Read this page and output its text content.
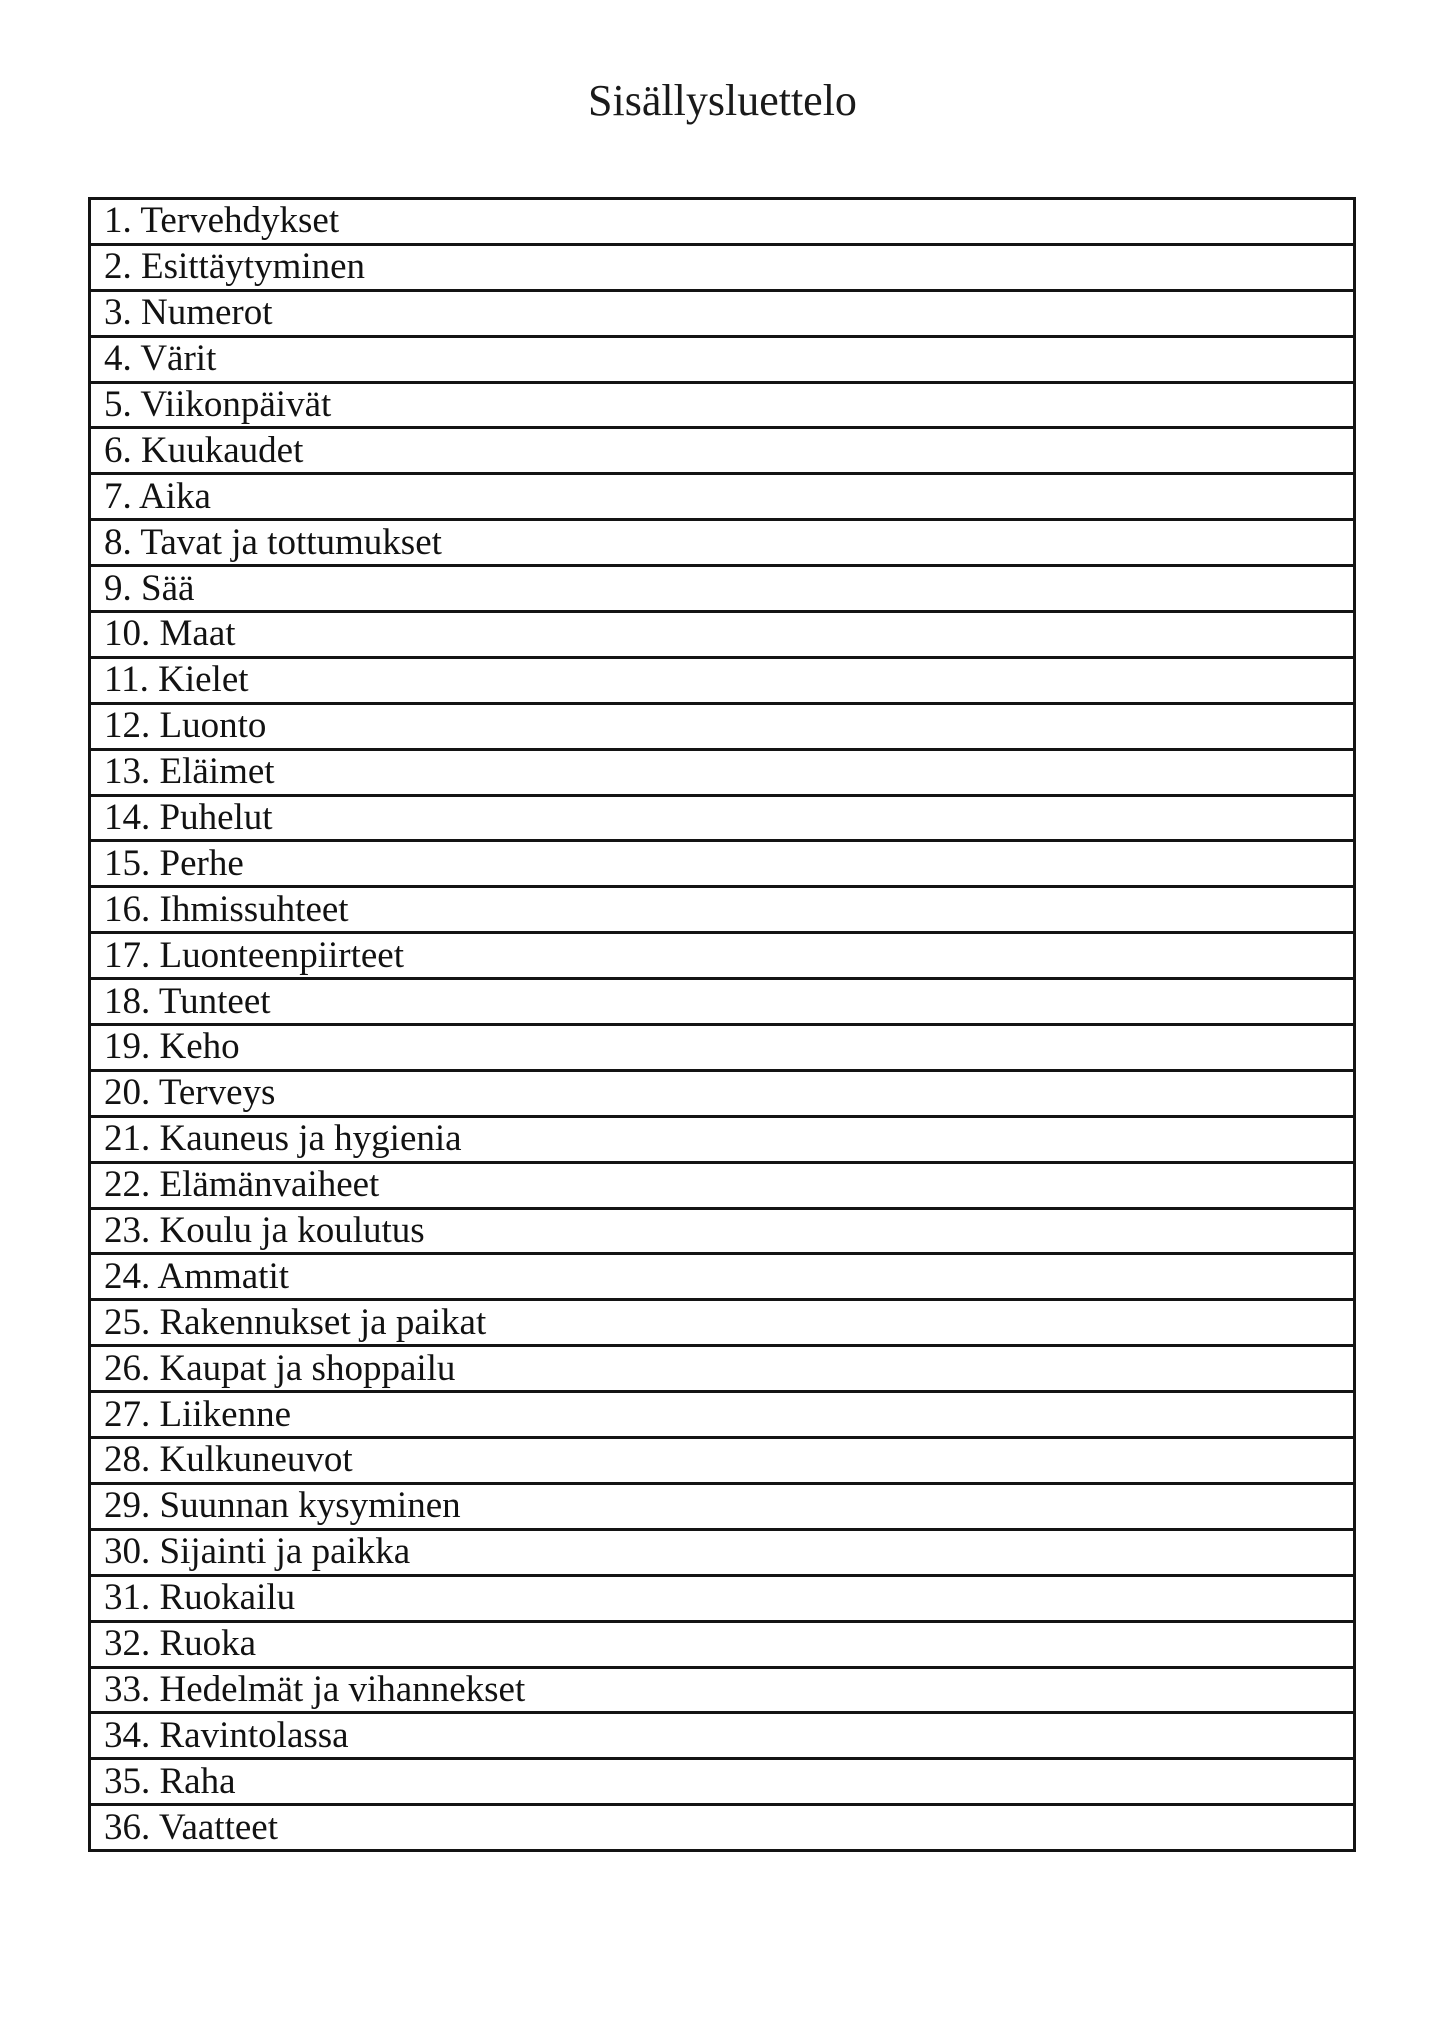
Sisällysluettelo
1. Tervehdykset
2. Esittäytyminen
3. Numerot
4. Värit
5. Viikonpäivät
6. Kuukaudet
7. Aika
8. Tavat ja tottumukset
9. Sää
10. Maat
11. Kielet
12. Luonto
13. Eläimet
14. Puhelut
15. Perhe
16. Ihmissuhteet
17. Luonteenpiirteet
18. Tunteet
19. Keho
20. Terveys
21. Kauneus ja hygienia
22. Elämänvaiheet
23. Koulu ja koulutus
24. Ammatit
25. Rakennukset ja paikat
26. Kaupat ja shoppailu
27. Liikenne
28. Kulkuneuvot
29. Suunnan kysyminen
30. Sijainti ja paikka
31. Ruokailu
32. Ruoka
33. Hedelmät ja vihannekset
34. Ravintolassa
35. Raha
36. Vaatteet
